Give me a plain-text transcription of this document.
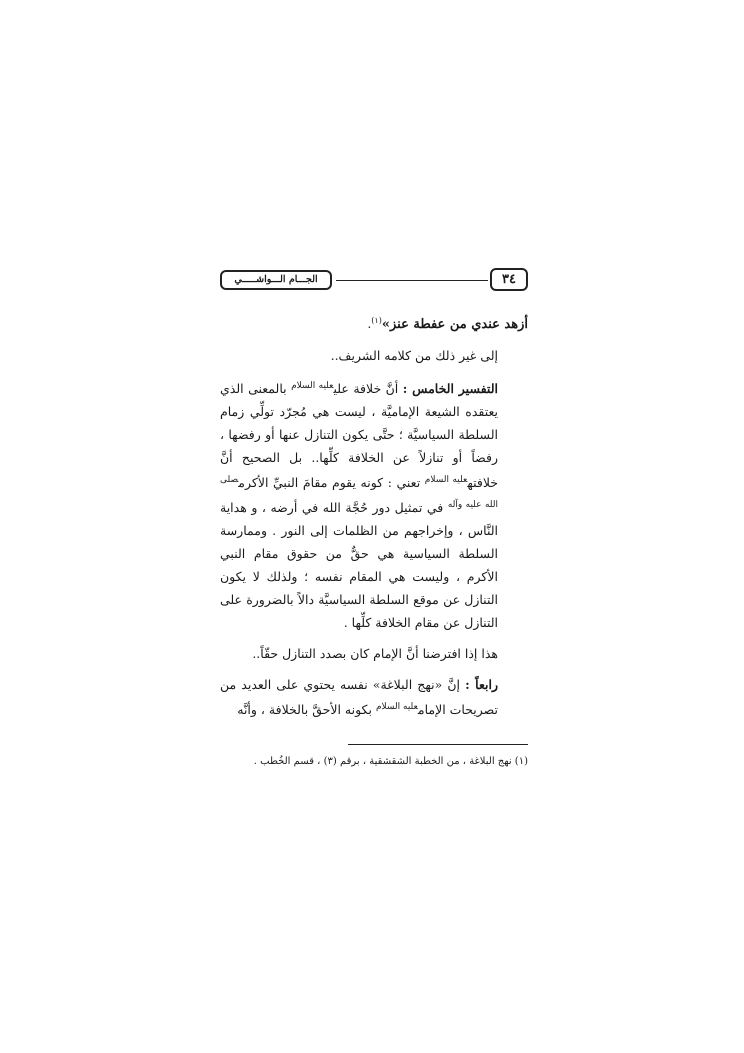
٣٤
الجـــام الـــواشـــــي

أزهد عندي من عفطة عنز»$^{(١)}$.

إلى غير ذلك من كلامه الشريف..

التفسير الخامس : أنَّ خلافة علي$^{عليه السلام}$ بالمعنى الذي يعتقده الشيعة الإماميَّة ، ليست هي مُجرّد تولِّي زمام السلطة السياسيَّة ؛ حتَّى يكون التنازل عنها أو رفضها ، رفضاً أو تنازلاً عن الخلافة كلِّها.. بل الصحيح أنَّ خلافته$^{عليه السلام}$ تعني : كونه يقوم مقامَ النبيِّ الأكرم$^{صلى الله عليه وآله}$ في تمثيل دور حُجَّة الله في أرضه ، و هداية النَّاس ، وإخراجهم من الظلمات إلى النور . وممارسة السلطة السياسية هي حقٌّ من حقوق مقام النبي الأكرم ، وليست هي المقام نفسه ؛ ولذلك لا يكون التنازل عن موقع السلطة السياسيَّة دالاً بالضرورة على التنازل عن مقام الخلافة كلِّها .

هذا إذا افترضنا أنَّ الإمام كان بصدد التنازل حقّاً..

رابعاً : إنَّ «نهج البلاغة» نفسه يحتوي على العديد من تصريحات الإمام$^{عليه السلام}$ بكونه الأحقَّ بالخلافة ، وأنَّه

(١) نهج البلاغة ، من الخطبة الشقشقية ، برقم (٣) ، قسم الخُطب .
